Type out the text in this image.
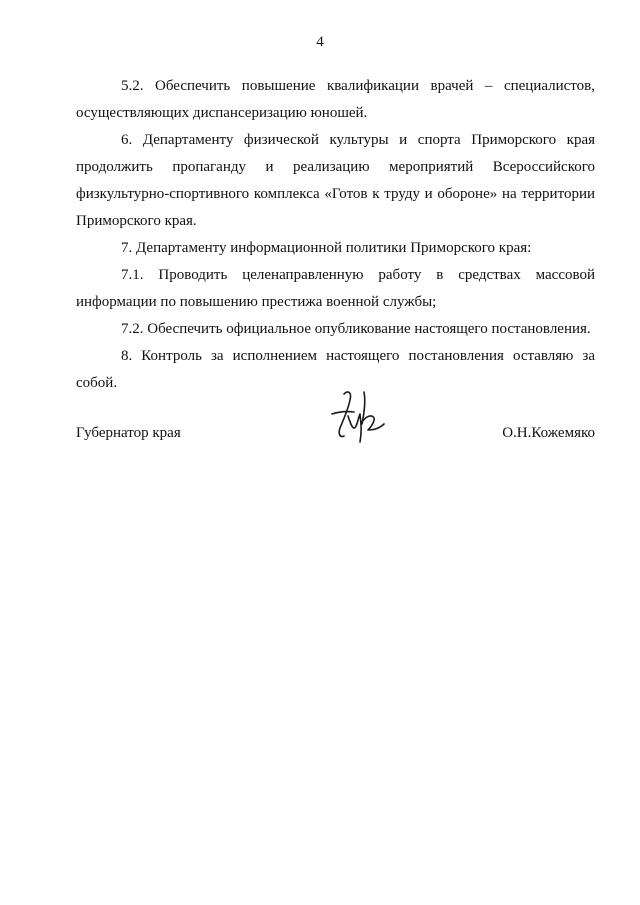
4

5.2. Обеспечить повышение квалификации врачей – специалистов, осуществляющих диспансеризацию юношей.

6. Департаменту физической культуры и спорта Приморского края продолжить пропаганду и реализацию мероприятий Всероссийского физкультурно-спортивного комплекса «Готов к труду и обороне» на территории Приморского края.

7. Департаменту информационной политики Приморского края:

7.1. Проводить целенаправленную работу в средствах массовой информации по повышению престижа военной службы;

7.2. Обеспечить официальное опубликование настоящего постановления.

8. Контроль за исполнением настоящего постановления оставляю за собой.

Губернатор края	О.Н.Кожемяко
